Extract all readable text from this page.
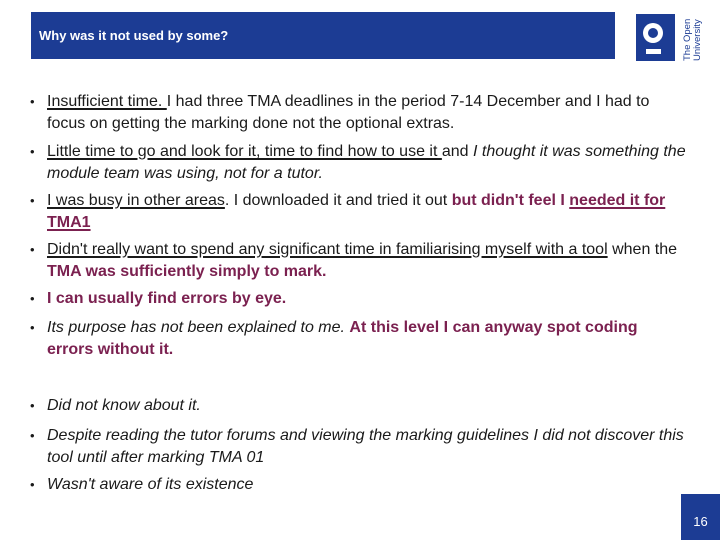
Why was it not used by some?	The Open University
• Insufficient time. I had three TMA deadlines in the period 7-14 December and I had to focus on getting the marking done not the optional extras.
• Little time to go and look for it, time to find how to use it and I thought it was something the module team was using, not for a tutor.
• I was busy in other areas. I downloaded it and tried it out but didn't feel I needed it for TMA1
• Didn't really want to spend any significant time in familiarising myself with a tool when the TMA was sufficiently simply to mark.
• I can usually find errors by eye.
• Its purpose has not been explained to me. At this level I can anyway spot coding errors without it.
• Did not know about it.
• Despite reading the tutor forums and viewing the marking guidelines I did not discover this tool until after marking TMA 01
• Wasn't aware of its existence
16
